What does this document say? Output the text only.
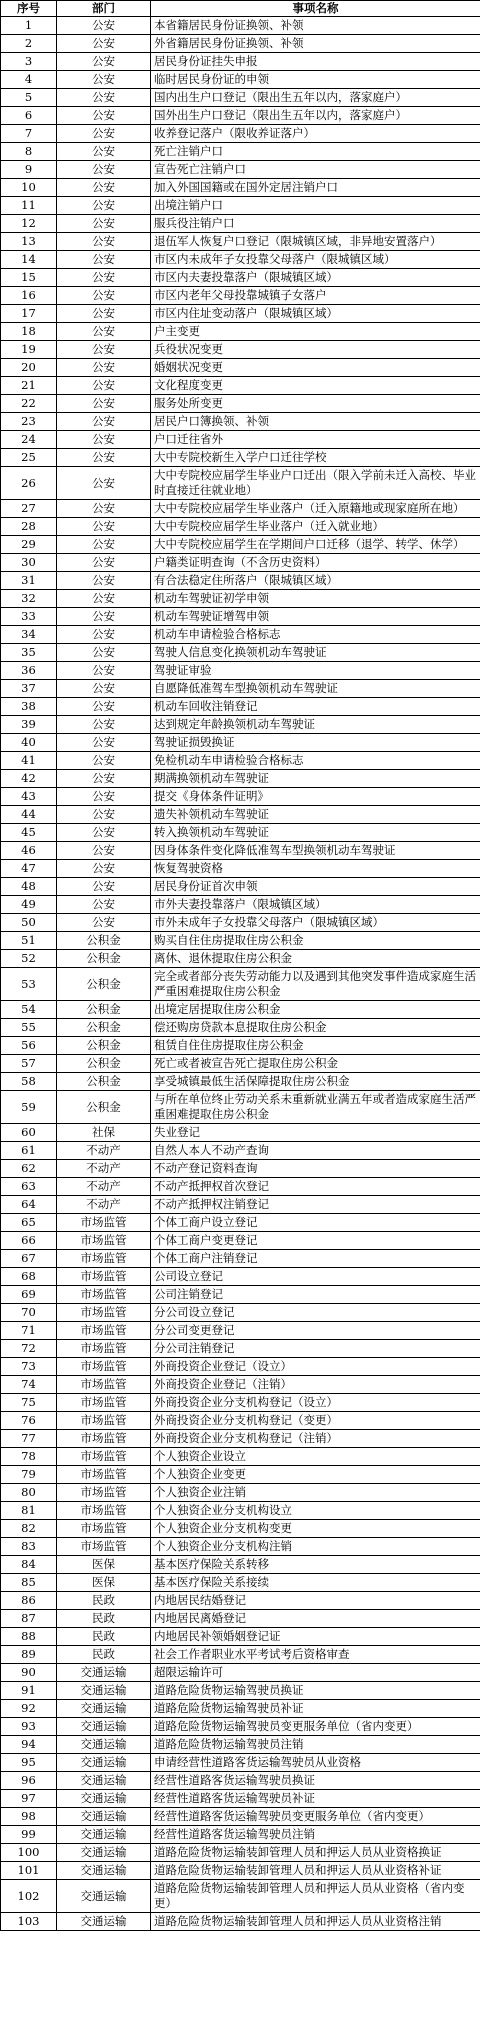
序号	部门	事项名称
1	公安	本省籍居民身份证换领、补领
2	公安	外省籍居民身份证换领、补领
3	公安	居民身份证挂失申报
4	公安	临时居民身份证的申领
5	公安	国内出生户口登记（限出生五年以内，落家庭户）
6	公安	国外出生户口登记（限出生五年以内，落家庭户）
7	公安	收养登记落户（限收养证落户）
8	公安	死亡注销户口
9	公安	宣告死亡注销户口
10	公安	加入外国国籍或在国外定居注销户口
11	公安	出境注销户口
12	公安	服兵役注销户口
13	公安	退伍军人恢复户口登记（限城镇区域，非异地安置落户）
14	公安	市区内未成年子女投靠父母落户（限城镇区域）
15	公安	市区内夫妻投靠落户（限城镇区域）
16	公安	市区内老年父母投靠城镇子女落户
17	公安	市区内住址变动落户（限城镇区域）
18	公安	户主变更
19	公安	兵役状况变更
20	公安	婚姻状况变更
21	公安	文化程度变更
22	公安	服务处所变更
23	公安	居民户口簿换领、补领
24	公安	户口迁往省外
25	公安	大中专院校新生入学户口迁往学校
26	公安	大中专院校应届学生毕业户口迁出（限入学前未迁入高校、毕业时直接迁往就业地）
27	公安	大中专院校应届学生毕业落户（迁入原籍地或现家庭所在地）
28	公安	大中专院校应届学生毕业落户（迁入就业地）
29	公安	大中专院校应届学生在学期间户口迁移（退学、转学、休学）
30	公安	户籍类证明查询（不含历史资料）
31	公安	有合法稳定住所落户（限城镇区域）
32	公安	机动车驾驶证初学申领
33	公安	机动车驾驶证增驾申领
34	公安	机动车申请检验合格标志
35	公安	驾驶人信息变化换领机动车驾驶证
36	公安	驾驶证审验
37	公安	自愿降低准驾车型换领机动车驾驶证
38	公安	机动车回收注销登记
39	公安	达到规定年龄换领机动车驾驶证
40	公安	驾驶证损毁换证
41	公安	免检机动车申请检验合格标志
42	公安	期满换领机动车驾驶证
43	公安	提交《身体条件证明》
44	公安	遗失补领机动车驾驶证
45	公安	转入换领机动车驾驶证
46	公安	因身体条件变化降低准驾车型换领机动车驾驶证
47	公安	恢复驾驶资格
48	公安	居民身份证首次申领
49	公安	市外夫妻投靠落户（限城镇区域）
50	公安	市外未成年子女投靠父母落户（限城镇区域）
51	公积金	购买自住住房提取住房公积金
52	公积金	离休、退休提取住房公积金
53	公积金	完全或者部分丧失劳动能力以及遇到其他突发事件造成家庭生活严重困难提取住房公积金
54	公积金	出境定居提取住房公积金
55	公积金	偿还购房贷款本息提取住房公积金
56	公积金	租赁自住住房提取住房公积金
57	公积金	死亡或者被宣告死亡提取住房公积金
58	公积金	享受城镇最低生活保障提取住房公积金
59	公积金	与所在单位终止劳动关系未重新就业满五年或者造成家庭生活严重困难提取住房公积金
60	社保	失业登记
61	不动产	自然人本人不动产查询
62	不动产	不动产登记资料查询
63	不动产	不动产抵押权首次登记
64	不动产	不动产抵押权注销登记
65	市场监管	个体工商户设立登记
66	市场监管	个体工商户变更登记
67	市场监管	个体工商户注销登记
68	市场监管	公司设立登记
69	市场监管	公司注销登记
70	市场监管	分公司设立登记
71	市场监管	分公司变更登记
72	市场监管	分公司注销登记
73	市场监管	外商投资企业登记（设立）
74	市场监管	外商投资企业登记（注销）
75	市场监管	外商投资企业分支机构登记（设立）
76	市场监管	外商投资企业分支机构登记（变更）
77	市场监管	外商投资企业分支机构登记（注销）
78	市场监管	个人独资企业设立
79	市场监管	个人独资企业变更
80	市场监管	个人独资企业注销
81	市场监管	个人独资企业分支机构设立
82	市场监管	个人独资企业分支机构变更
83	市场监管	个人独资企业分支机构注销
84	医保	基本医疗保险关系转移
85	医保	基本医疗保险关系接续
86	民政	内地居民结婚登记
87	民政	内地居民离婚登记
88	民政	内地居民补领婚姻登记证
89	民政	社会工作者职业水平考试考后资格审查
90	交通运输	超限运输许可
91	交通运输	道路危险货物运输驾驶员换证
92	交通运输	道路危险货物运输驾驶员补证
93	交通运输	道路危险货物运输驾驶员变更服务单位（省内变更）
94	交通运输	道路危险货物运输驾驶员注销
95	交通运输	申请经营性道路客货运输驾驶员从业资格
96	交通运输	经营性道路客货运输驾驶员换证
97	交通运输	经营性道路客货运输驾驶员补证
98	交通运输	经营性道路客货运输驾驶员变更服务单位（省内变更）
99	交通运输	经营性道路客货运输驾驶员注销
100	交通运输	道路危险货物运输装卸管理人员和押运人员从业资格换证
101	交通运输	道路危险货物运输装卸管理人员和押运人员从业资格补证
102	交通运输	道路危险货物运输装卸管理人员和押运人员从业资格（省内变更）
103	交通运输	道路危险货物运输装卸管理人员和押运人员从业资格注销
